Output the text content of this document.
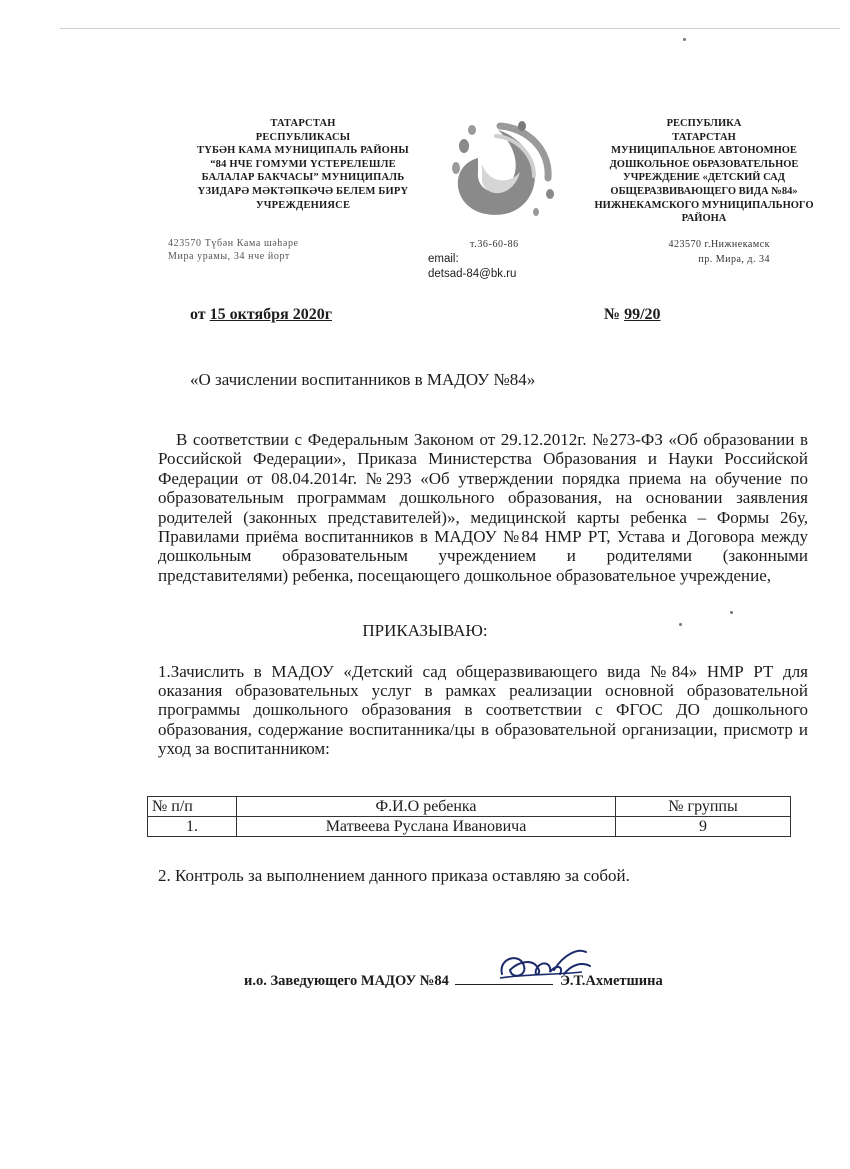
ТАТАРСТАН
РЕСПУБЛИКАСЫ
ТҮБӘН КАМА МУНИЦИПАЛЬ РАЙОНЫ
“84 НЧЕ ГОМУМИ ҮСТЕРЕЛЕШЛЕ
БАЛАЛАР БАКЧАСЫ” МУНИЦИПАЛЬ
ҮЗИДАРӘ МӘКТӘПКӘЧӘ БЕЛЕМ БИРҮ
УЧРЕЖДЕНИЯСЕ
РЕСПУБЛИКА
ТАТАРСТАН
МУНИЦИПАЛЬНОЕ АВТОНОМНОЕ
ДОШКОЛЬНОЕ ОБРАЗОВАТЕЛЬНОЕ
УЧРЕЖДЕНИЕ «ДЕТСКИЙ САД
ОБЩЕРАЗВИВАЮЩЕГО ВИДА №84»
НИЖНЕКАМСКОГО МУНИЦИПАЛЬНОГО
РАЙОНА
423570 Түбән Кама шәһәре
Мира урамы, 34 нче йорт
т.36-60-86
email:
detsad-84@bk.ru
423570 г.Нижнекамск
пр. Мира, д. 34
от 15 октября 2020г	№ 99/20
«О зачислении воспитанников в МАДОУ №84»
В соответствии с Федеральным Законом от 29.12.2012г. №273-ФЗ «Об образовании в Российской Федерации», Приказа Министерства Образования и Науки Российской Федерации от 08.04.2014г. №293 «Об утверждении порядка приема на обучение по образовательным программам дошкольного образования, на основании заявления родителей (законных представителей)», медицинской карты ребенка – Формы 26у, Правилами приёма воспитанников в МАДОУ №84 НМР РТ, Устава и Договора между дошкольным образовательным учреждением и родителями (законными представителями) ребенка, посещающего дошкольное образовательное учреждение,
ПРИКАЗЫВАЮ:
1.Зачислить в МАДОУ «Детский сад общеразвивающего вида №84» НМР РТ для оказания образовательных услуг в рамках реализации основной образовательной программы дошкольного образования в соответствии с ФГОС ДО дошкольного образования, содержание воспитанника/цы в образовательной организации, присмотр и уход за воспитанником:
№ п/п	Ф.И.О ребенка	№ группы
1.	Матвеева Руслана Ивановича	9
2. Контроль за выполнением данного приказа оставляю за собой.
и.о. Заведующего МАДОУ №84	Э.Т.Ахметшина
